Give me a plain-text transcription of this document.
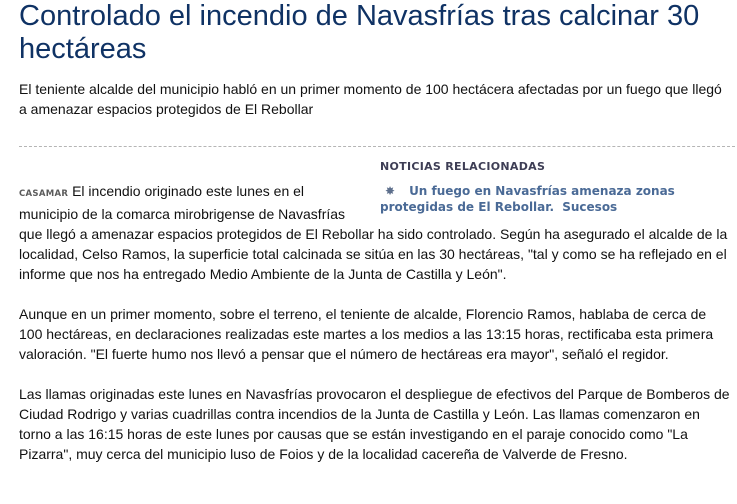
Controlado el incendio de Navasfrías tras calcinar 30 hectáreas
El teniente alcalde del municipio habló en un primer momento de 100 hectácera afectadas por un fuego que llegó a amenazar espacios protegidos de El Rebollar
NOTICIAS RELACIONADAS
✸ Un fuego en Navasfrías amenaza zonas protegidas de El Rebollar. Sucesos
CASAMAR El incendio originado este lunes en el
municipio de la comarca mirobrigense de Navasfrías

que llegó a amenazar espacios protegidos de El Rebollar ha sido controlado. Según ha asegurado el alcalde de la localidad, Celso Ramos, la superficie total calcinada se sitúa en las 30 hectáreas, "tal y como se ha reflejado en el informe que nos ha entregado Medio Ambiente de la Junta de Castilla y León".

Aunque en un primer momento, sobre el terreno, el teniente de alcalde, Florencio Ramos, hablaba de cerca de 100 hectáreas, en declaraciones realizadas este martes a los medios a las 13:15 horas, rectificaba esta primera valoración. "El fuerte humo nos llevó a pensar que el número de hectáreas era mayor", señaló el regidor.

Las llamas originadas este lunes en Navasfrías provocaron el despliegue de efectivos del Parque de Bomberos de Ciudad Rodrigo y varias cuadrillas contra incendios de la Junta de Castilla y León. Las llamas comenzaron en torno a las 16:15 horas de este lunes por causas que se están investigando en el paraje conocido como "La Pizarra", muy cerca del municipio luso de Foios y de la localidad cacereña de Valverde de Fresno.
